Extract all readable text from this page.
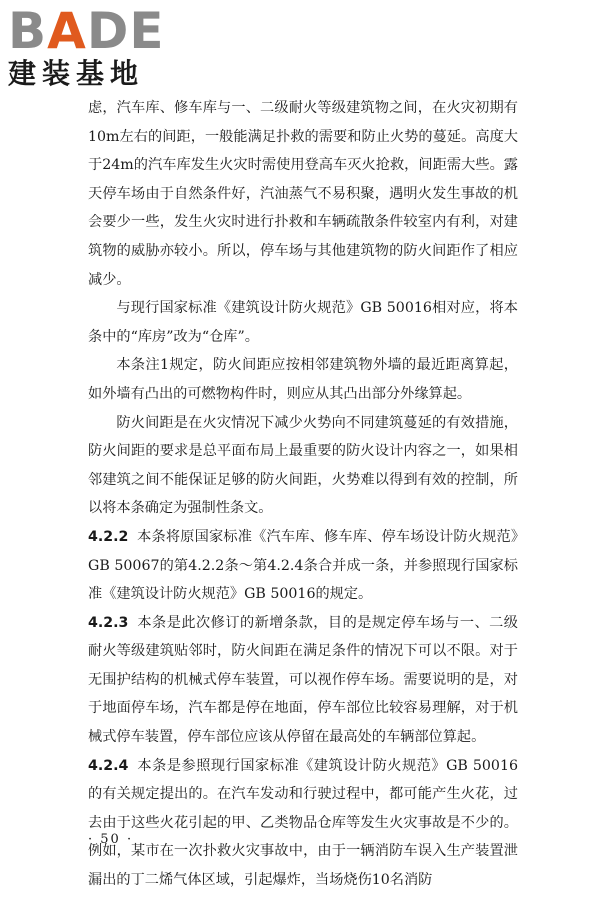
BADE
建装基地

虑，汽车库、修车库与一、二级耐火等级建筑物之间，在火灾初期有10m左右的间距，一般能满足扑救的需要和防止火势的蔓延。高度大于24m的汽车库发生火灾时需使用登高车灭火抢救，间距需大些。露天停车场由于自然条件好，汽油蒸气不易积聚，遇明火发生事故的机会要少一些，发生火灾时进行扑救和车辆疏散条件较室内有利，对建筑物的威胁亦较小。所以，停车场与其他建筑物的防火间距作了相应减少。

与现行国家标准《建筑设计防火规范》GB 50016相对应，将本条中的“库房”改为“仓库”。

本条注1规定，防火间距应按相邻建筑物外墙的最近距离算起，如外墙有凸出的可燃物构件时，则应从其凸出部分外缘算起。

防火间距是在火灾情况下减少火势向不同建筑蔓延的有效措施，防火间距的要求是总平面布局上最重要的防火设计内容之一，如果相邻建筑之间不能保证足够的防火间距，火势难以得到有效的控制，所以将本条确定为强制性条文。

4.2.2 本条将原国家标准《汽车库、修车库、停车场设计防火规范》GB 50067的第4.2.2条～第4.2.4条合并成一条，并参照现行国家标准《建筑设计防火规范》GB 50016的规定。

4.2.3 本条是此次修订的新增条款，目的是规定停车场与一、二级耐火等级建筑贴邻时，防火间距在满足条件的情况下可以不限。对于无围护结构的机械式停车装置，可以视作停车场。需要说明的是，对于地面停车场，汽车都是停在地面，停车部位比较容易理解，对于机械式停车装置，停车部位应该从停留在最高处的车辆部位算起。

4.2.4 本条是参照现行国家标准《建筑设计防火规范》GB 50016的有关规定提出的。在汽车发动和行驶过程中，都可能产生火花，过去由于这些火花引起的甲、乙类物品仓库等发生火灾事故是不少的。例如，某市在一次扑救火灾事故中，由于一辆消防车误入生产装置泄漏出的丁二烯气体区域，引起爆炸，当场烧伤10名消防

· 50 ·
